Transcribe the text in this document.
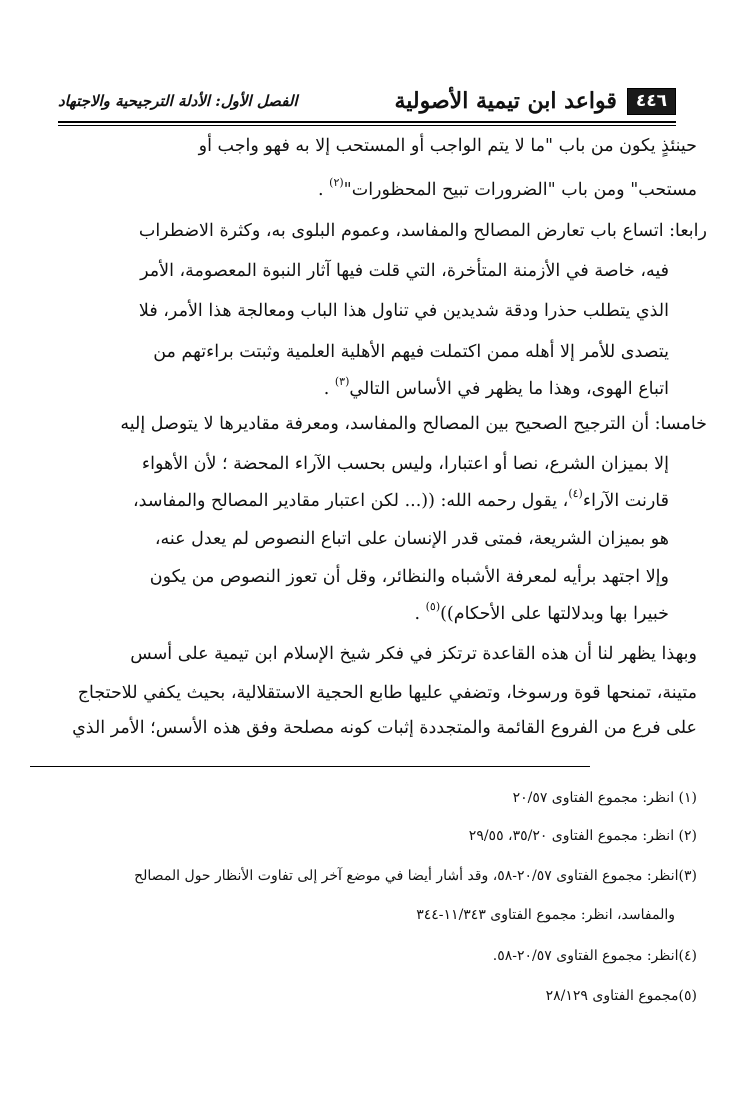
٤٤٦
قواعد ابن تيمية الأصولية
الفصل الأول: الأدلة الترجيحية والاجتهاد
حينئذٍ يكون من باب "ما لا يتم الواجب أو المستحب إلا به فهو واجب أو
مستحب" ومن باب "الضرورات تبيح المحظورات"$^{(٢)}$ .
رابعا: اتساع باب تعارض المصالح والمفاسد، وعموم البلوى به، وكثرة الاضطراب
فيه، خاصة في الأزمنة المتأخرة، التي قلت فيها آثار النبوة المعصومة، الأمر
الذي يتطلب حذرا ودقة شديدين في تناول هذا الباب ومعالجة هذا الأمر، فلا
يتصدى للأمر إلا أهله ممن اكتملت فيهم الأهلية العلمية وثبتت براءتهم من
اتباع الهوى، وهذا ما يظهر في الأساس التالي$^{(٣)}$ .
خامسا: أن الترجيح الصحيح بين المصالح والمفاسد، ومعرفة مقاديرها لا يتوصل إليه
إلا بميزان الشرع، نصا أو اعتبارا، وليس بحسب الآراء المحضة ؛ لأن الأهواء
قارنت الآراء$^{(٤)}$، يقول رحمه الله: ((... لكن اعتبار مقادير المصالح والمفاسد،
هو بميزان الشريعة، فمتى قدر الإنسان على اتباع النصوص لم يعدل عنه،
وإلا اجتهد برأيه لمعرفة الأشباه والنظائر، وقل أن تعوز النصوص من يكون
خبيرا بها وبدلالتها على الأحكام))$^{(٥)}$ .
وبهذا يظهر لنا أن هذه القاعدة ترتكز في فكر شيخ الإسلام ابن تيمية على أسس
متينة، تمنحها قوة ورسوخا، وتضفي عليها طابع الحجية الاستقلالية، بحيث يكفي للاحتجاج
على فرع من الفروع القائمة والمتجددة إثبات كونه مصلحة وفق هذه الأسس؛ الأمر الذي
(١) انظر: مجموع الفتاوى ٢٠/٥٧
(٢) انظر: مجموع الفتاوى ٣٥/٢٠، ٢٩/٥٥
(٣)انظر: مجموع الفتاوى ٢٠/٥٧-٥٨، وقد أشار أيضا في موضع آخر إلى تفاوت الأنظار حول المصالح
والمفاسد، انظر: مجموع الفتاوى ١١/٣٤٣-٣٤٤
(٤)انظر: مجموع الفتاوى ٢٠/٥٧-٥٨.
(٥)مجموع الفتاوى ٢٨/١٢٩
